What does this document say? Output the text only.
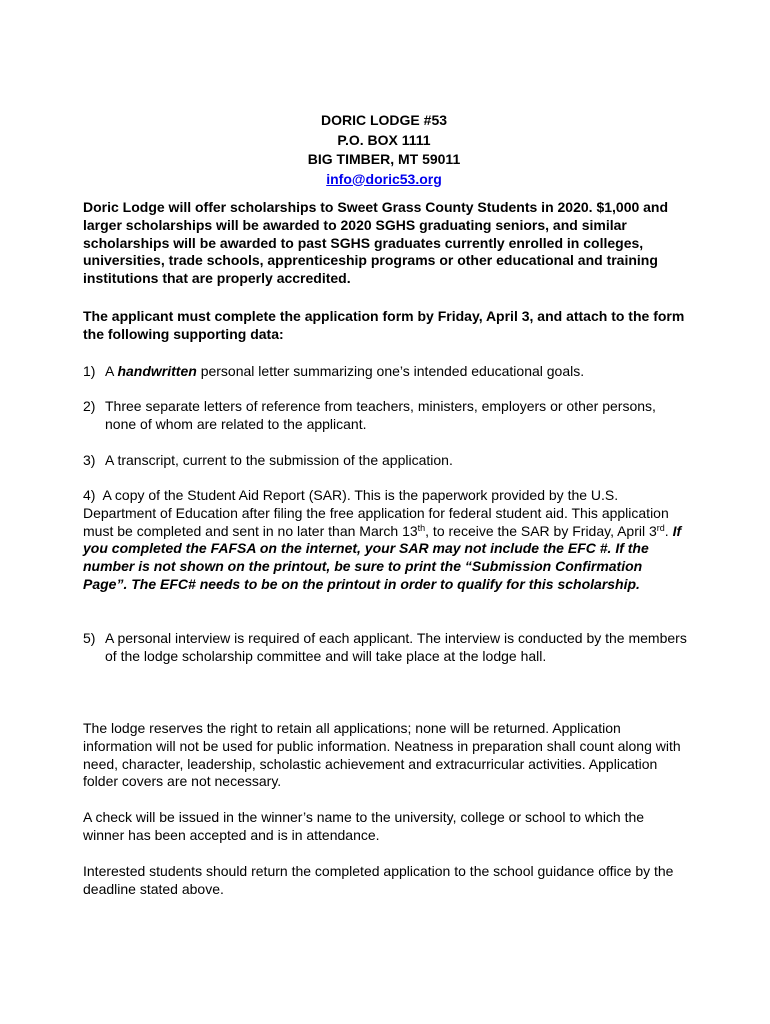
DORIC LODGE #53
P.O. BOX 1111
BIG TIMBER, MT 59011
info@doric53.org
Doric Lodge will offer scholarships to Sweet Grass County Students in 2020. $1,000 and larger scholarships will be awarded to 2020 SGHS graduating seniors, and similar scholarships will be awarded to past SGHS graduates currently enrolled in colleges, universities, trade schools, apprenticeship programs or other educational and training institutions that are properly accredited.
The applicant must complete the application form by Friday, April 3, and attach to the form the following supporting data:
1) A handwritten personal letter summarizing one’s intended educational goals.
2) Three separate letters of reference from teachers, ministers, employers or other persons, none of whom are related to the applicant.
3) A transcript, current to the submission of the application.
4) A copy of the Student Aid Report (SAR). This is the paperwork provided by the U.S. Department of Education after filing the free application for federal student aid. This application must be completed and sent in no later than March 13th, to receive the SAR by Friday, April 3rd. If you completed the FAFSA on the internet, your SAR may not include the EFC #. If the number is not shown on the printout, be sure to print the “Submission Confirmation Page”. The EFC# needs to be on the printout in order to qualify for this scholarship.
5) A personal interview is required of each applicant. The interview is conducted by the members of the lodge scholarship committee and will take place at the lodge hall.
The lodge reserves the right to retain all applications; none will be returned. Application information will not be used for public information. Neatness in preparation shall count along with need, character, leadership, scholastic achievement and extracurricular activities. Application folder covers are not necessary.
A check will be issued in the winner’s name to the university, college or school to which the winner has been accepted and is in attendance.
Interested students should return the completed application to the school guidance office by the deadline stated above.
